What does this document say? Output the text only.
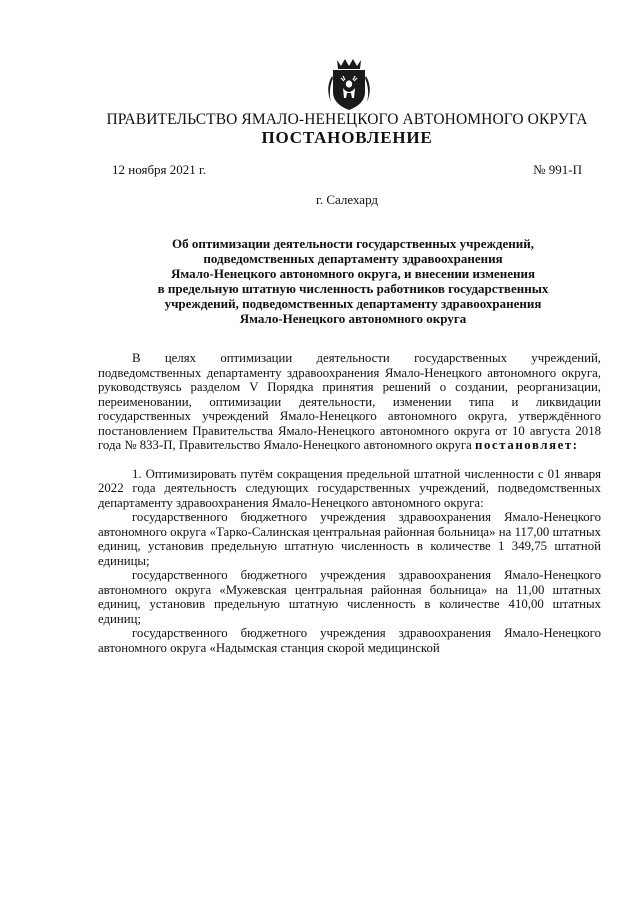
ПРАВИТЕЛЬСТВО ЯМАЛО-НЕНЕЦКОГО АВТОНОМНОГО ОКРУГА
ПОСТАНОВЛЕНИЕ
12 ноября 2021 г.	№ 991-П
г. Салехард
Об оптимизации деятельности государственных учреждений,
подведомственных департаменту здравоохранения
Ямало-Ненецкого автономного округа, и внесении изменения
в предельную штатную численность работников государственных
учреждений, подведомственных департаменту здравоохранения
Ямало-Ненецкого автономного округа

В целях оптимизации деятельности государственных учреждений, подведомственных департаменту здравоохранения Ямало-Ненецкого автономного округа, руководствуясь разделом V Порядка принятия решений о создании, реорганизации, переименовании, оптимизации деятельности, изменении типа и ликвидации государственных учреждений Ямало-Ненецкого автономного округа, утверждённого постановлением Правительства Ямало-Ненецкого автономного округа от 10 августа 2018 года № 833-П, Правительство Ямало-Ненецкого автономного округа постановляет:

1. Оптимизировать путём сокращения предельной штатной численности с 01 января 2022 года деятельность следующих государственных учреждений, подведомственных департаменту здравоохранения Ямало-Ненецкого автономного округа:

государственного бюджетного учреждения здравоохранения Ямало-Ненецкого автономного округа «Тарко-Салинская центральная районная больница» на 117,00 штатных единиц, установив предельную штатную численность в количестве 1 349,75 штатной единицы;

государственного бюджетного учреждения здравоохранения Ямало-Ненецкого автономного округа «Мужевская центральная районная больница» на 11,00 штатных единиц, установив предельную штатную численность в количестве 410,00 штатных единиц;

государственного бюджетного учреждения здравоохранения Ямало-Ненецкого автономного округа «Надымская станция скорой медицинской
